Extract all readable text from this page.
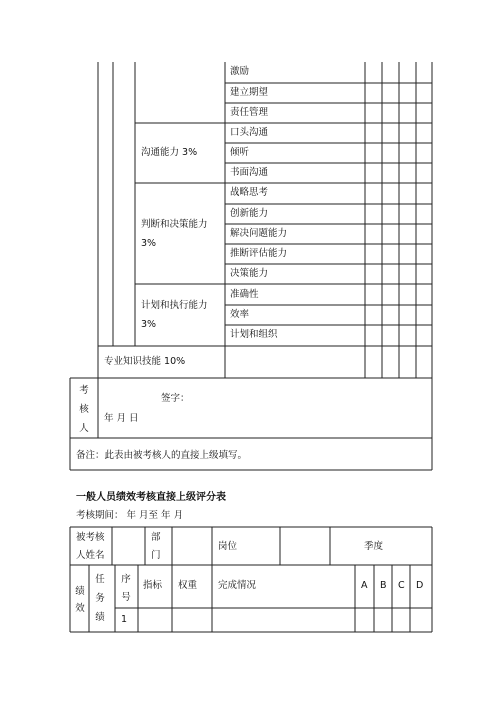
激励
建立期望
责任管理
沟通能力 3%
口头沟通
倾听
书面沟通
判断和决策能力
3%
战略思考
创新能力
解决问题能力
推断评估能力
决策能力
计划和执行能力
3%
准确性
效率
计划和组织
专业知识技能 10%
考
核
人
签字：
年 月 日
备注：此表由被考核人的直接上级填写。
一般人员绩效考核直接上级评分表
考核期间： 年 月至 年 月
被考核
人姓名
部
门
岗位	季度
绩
效
任
务
绩
序
号
指标 权重 完成情况	A B C D
1
